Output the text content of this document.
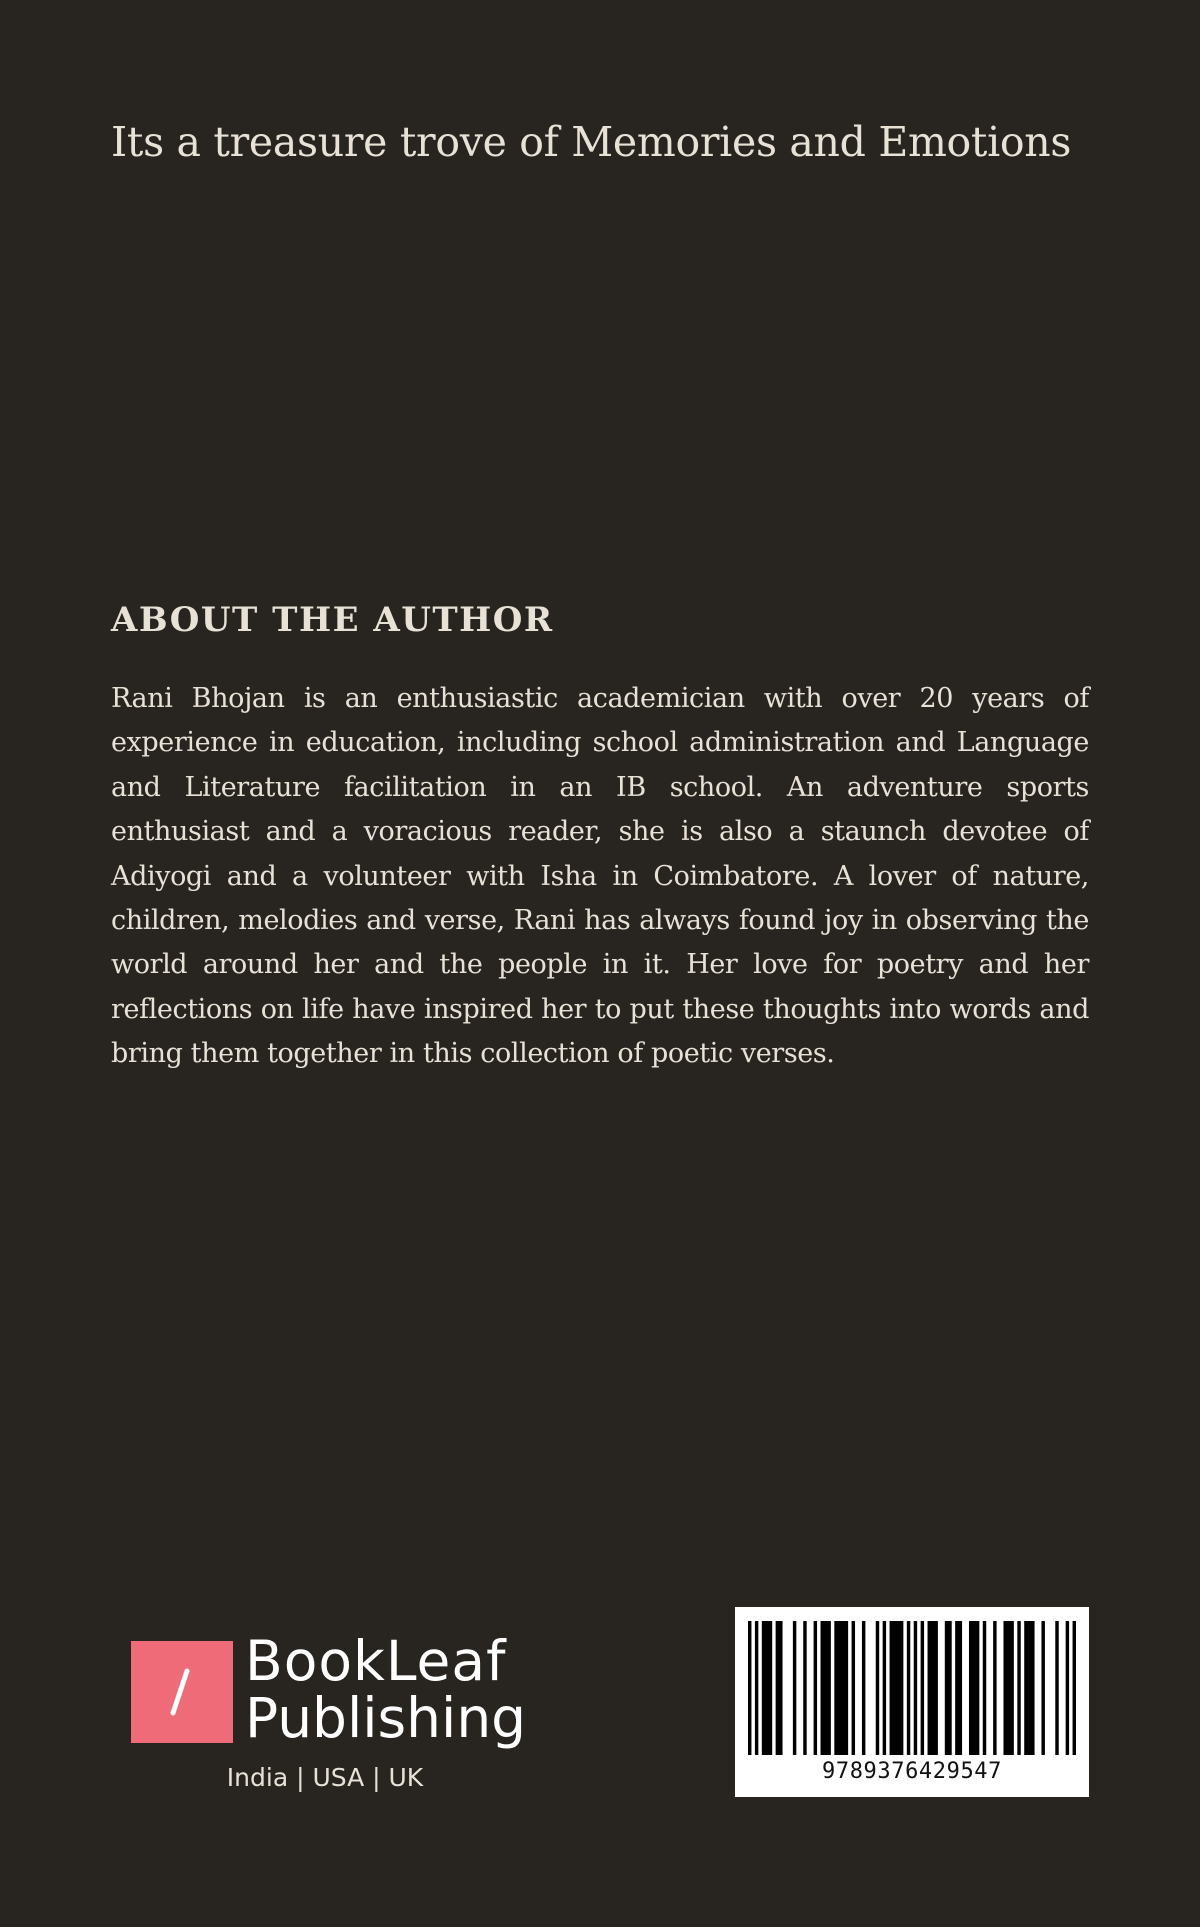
Its a treasure trove of Memories and Emotions
ABOUT THE AUTHOR

Rani Bhojan is an enthusiastic academician with over 20 years of experience in education, including school administration and Language and Literature facilitation in an IB school. An adventure sports enthusiast and a voracious reader, she is also a staunch devotee of Adiyogi and a volunteer with Isha in Coimbatore. A lover of nature, children, melodies and verse, Rani has always found joy in observing the world around her and the people in it. Her love for poetry and her reflections on life have inspired her to put these thoughts into words and bring them together in this collection of poetic verses.

BookLeaf
Publishing
India | USA | UK	9789376429547
